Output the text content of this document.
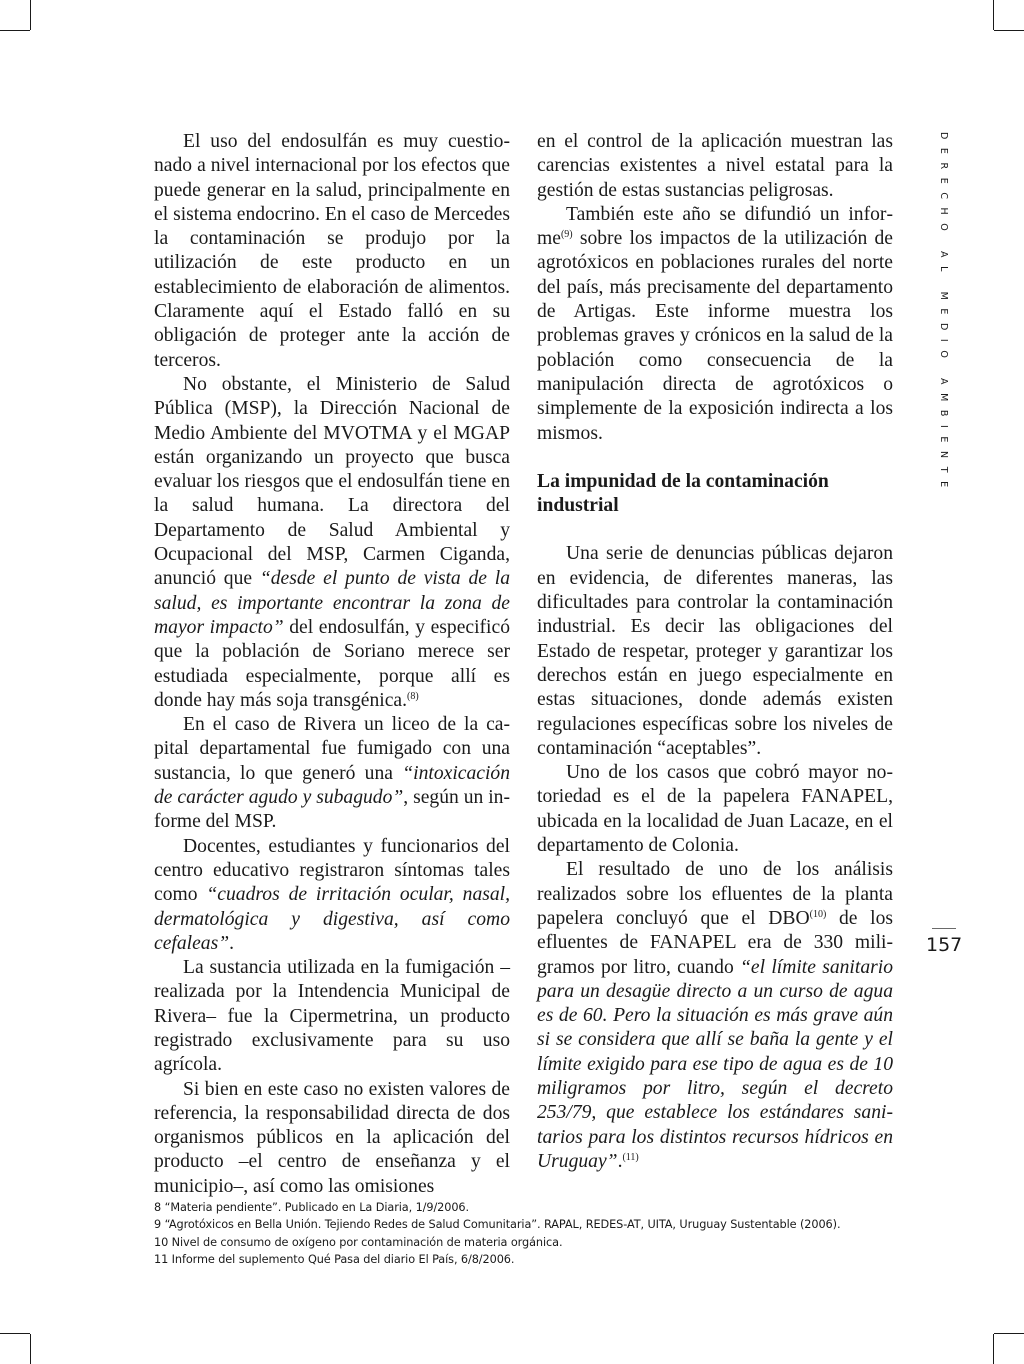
El uso del endosulfán es muy cuestionado a nivel internacional por los efectos que puede generar en la salud, principalmente en el sistema endocrino. En el caso de Mercedes la contaminación se produjo por la utilización de este producto en un establecimiento de elaboración de alimentos. Claramente aquí el Estado falló en su obligación de proteger ante la acción de terceros.

No obstante, el Ministerio de Salud Pública (MSP), la Dirección Nacional de Medio Ambiente del MVOTMA y el MGAP están organizando un proyecto que busca evaluar los riesgos que el endosulfán tiene en la salud humana. La directora del Departamento de Salud Ambiental y Ocupacional del MSP, Carmen Ciganda, anunció que “desde el punto de vista de la salud, es importante encontrar la zona de mayor impacto” del endosulfán, y especificó que la población de Soriano merece ser estudiada especialmente, porque allí es donde hay más soja transgénica.$^{(8)}$

En el caso de Rivera un liceo de la capital departamental fue fumigado con una sustancia, lo que generó una “intoxicación de carácter agudo y subagudo”, según un informe del MSP.

Docentes, estudiantes y funcionarios del centro educativo registraron síntomas tales como “cuadros de irritación ocular, nasal, dermatológica y digestiva, así como cefaleas”.

La sustancia utilizada en la fumigación –realizada por la Intendencia Municipal de Rivera– fue la Cipermetrina, un producto registrado exclusivamente para su uso agrícola.

Si bien en este caso no existen valores de referencia, la responsabilidad directa de dos organismos públicos en la aplicación del producto –el centro de enseñanza y el municipio–, así como las omisiones

en el control de la aplicación muestran las carencias existentes a nivel estatal para la gestión de estas sustancias peligrosas.

También este año se difundió un informe$^{(9)}$ sobre los impactos de la utilización de agrotóxicos en poblaciones rurales del norte del país, más precisamente del departamento de Artigas. Este informe muestra los problemas graves y crónicos en la salud de la población como consecuencia de la manipulación directa de agrotóxicos o simplemente de la exposición indirecta a los mismos.

La impunidad de la contaminación industrial

Una serie de denuncias públicas dejaron en evidencia, de diferentes maneras, las dificultades para controlar la contaminación industrial. Es decir las obligaciones del Estado de respetar, proteger y garantizar los derechos están en juego especialmente en estas situaciones, donde además existen regulaciones específicas sobre los niveles de contaminación “aceptables”.

Uno de los casos que cobró mayor notoriedad es el de la papelera FANAPEL, ubicada en la localidad de Juan Lacaze, en el departamento de Colonia.

El resultado de uno de los análisis realizados sobre los efluentes de la planta papelera concluyó que el DBO$^{(10)}$ de los efluentes de FANAPEL era de 330 miligramos por litro, cuando “el límite sanitario para un desagüe directo a un curso de agua es de 60. Pero la situación es más grave aún si se considera que allí se baña la gente y el límite exigido para ese tipo de agua es de 10 miligramos por litro, según el decreto 253/79, que establece los estándares sanitarios para los distintos recursos hídricos en Uruguay”.$^{(11)}$

DERECHO AL MEDIO AMBIENTE
157
8 “Materia pendiente”. Publicado en La Diaria, 1/9/2006.
9 “Agrotóxicos en Bella Unión. Tejiendo Redes de Salud Comunitaria”. RAPAL, REDES-AT, UITA, Uruguay Sustentable (2006).
10 Nivel de consumo de oxígeno por contaminación de materia orgánica.
11 Informe del suplemento Qué Pasa del diario El País, 6/8/2006.
